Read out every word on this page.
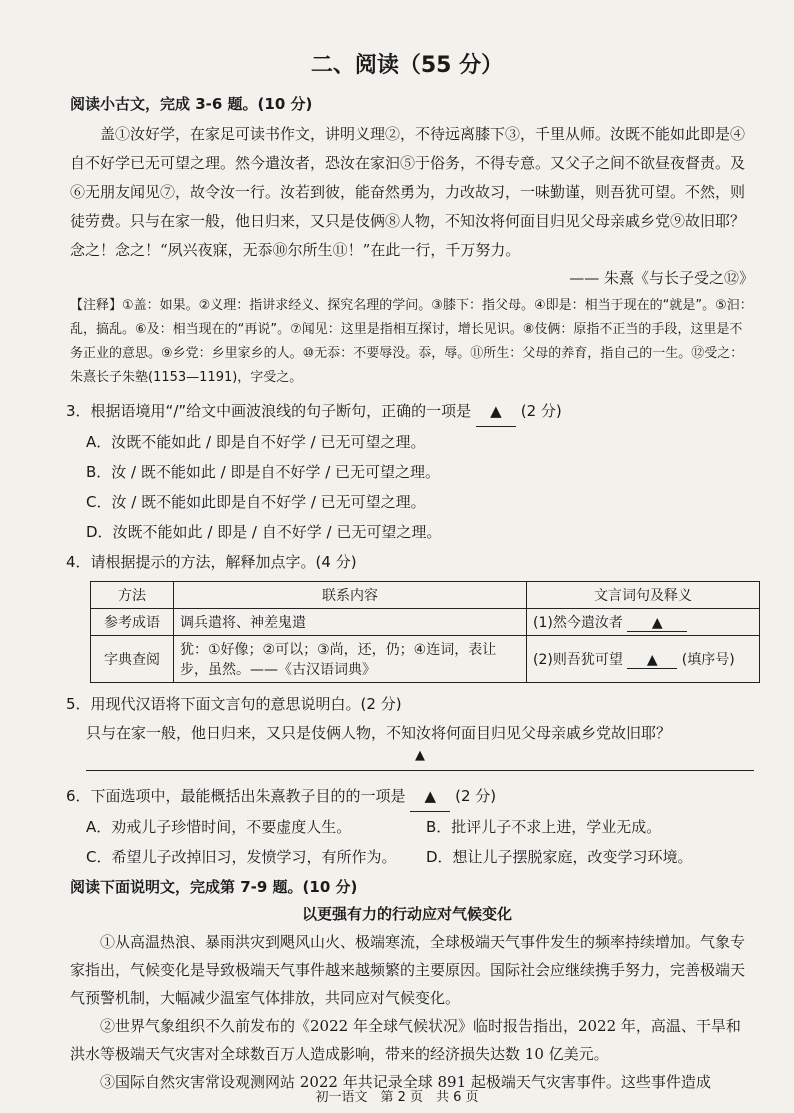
二、阅读（55 分）
阅读小古文，完成 3-6 题。(10 分)

盖①汝好学，在家足可读书作文，讲明义理②，不待远离膝下③，千里从师。汝既不能如此即是④自不好学已无可望之理。然今遣汝者，恐汝在家汩⑤于俗务，不得专意。又父子之间不欲昼夜督责。及⑥无朋友闻见⑦，故令汝一行。汝若到彼，能奋然勇为，力改故习，一味勤谨，则吾犹可望。不然，则徒劳费。只与在家一般，他日归来，又只是伎俩⑧人物，不知汝将何面目归见父母亲戚乡党⑨故旧耶？念之！念之！“夙兴夜寐，无忝⑩尔所生⑪！”在此一行，千万努力。

—— 朱熹《与长子受之⑫》
【注释】①盖：如果。②义理：指讲求经义、探究名理的学问。③膝下：指父母。④即是：相当于现在的“就是”。⑤汩：乱，搞乱。⑥及：相当现在的“再说”。⑦闻见：这里是指相互探讨，增长见识。⑧伎俩：原指不正当的手段，这里是不务正业的意思。⑨乡党：乡里家乡的人。⑩无忝：不要辱没。忝，辱。⑪所生：父母的养育，指自己的一生。⑫受之：朱熹长子朱塾(1153—1191)，字受之。
3．根据语境用“/”给文中画波浪线的句子断句，正确的一项是 ▲ (2 分)
A．汝既不能如此 / 即是自不好学 / 已无可望之理。
B．汝 / 既不能如此 / 即是自不好学 / 已无可望之理。
C．汝 / 既不能如此即是自不好学 / 已无可望之理。
D．汝既不能如此 / 即是 / 自不好学 / 已无可望之理。
4．请根据提示的方法，解释加点字。(4 分)
方法	联系内容	文言词句及释义
参考成语	调兵遣将、神差鬼遣	(1)然今遣汝者 ▲
字典查阅	犹：①好像；②可以；③尚，还，仍；④连词，表让步，虽然。——《古汉语词典》	(2)则吾犹可望 ▲ (填序号)
5．用现代汉语将下面文言句的意思说明白。(2 分)
只与在家一般，他日归来，又只是伎俩人物，不知汝将何面目归见父母亲戚乡党故旧耶？
▲
6．下面选项中，最能概括出朱熹教子目的的一项是 ▲ (2 分)
A．劝戒儿子珍惜时间，不要虚度人生。	B．批评儿子不求上进，学业无成。
C．希望儿子改掉旧习，发愤学习，有所作为。	D．想让儿子摆脱家庭，改变学习环境。
阅读下面说明文，完成第 7-9 题。(10 分)
以更强有力的行动应对气候变化

①从高温热浪、暴雨洪灾到飓风山火、极端寒流，全球极端天气事件发生的频率持续增加。气象专家指出，气候变化是导致极端天气事件越来越频繁的主要原因。国际社会应继续携手努力，完善极端天气预警机制，大幅减少温室气体排放，共同应对气候变化。

②世界气象组织不久前发布的《2022 年全球气候状况》临时报告指出，2022 年，高温、干旱和洪水等极端天气灾害对全球数百万人造成影响，带来的经济损失达数 10 亿美元。

③国际自然灾害常设观测网站 2022 年共记录全球 891 起极端天气灾害事件。这些事件造成

初一语文　第 2 页　共 6 页
